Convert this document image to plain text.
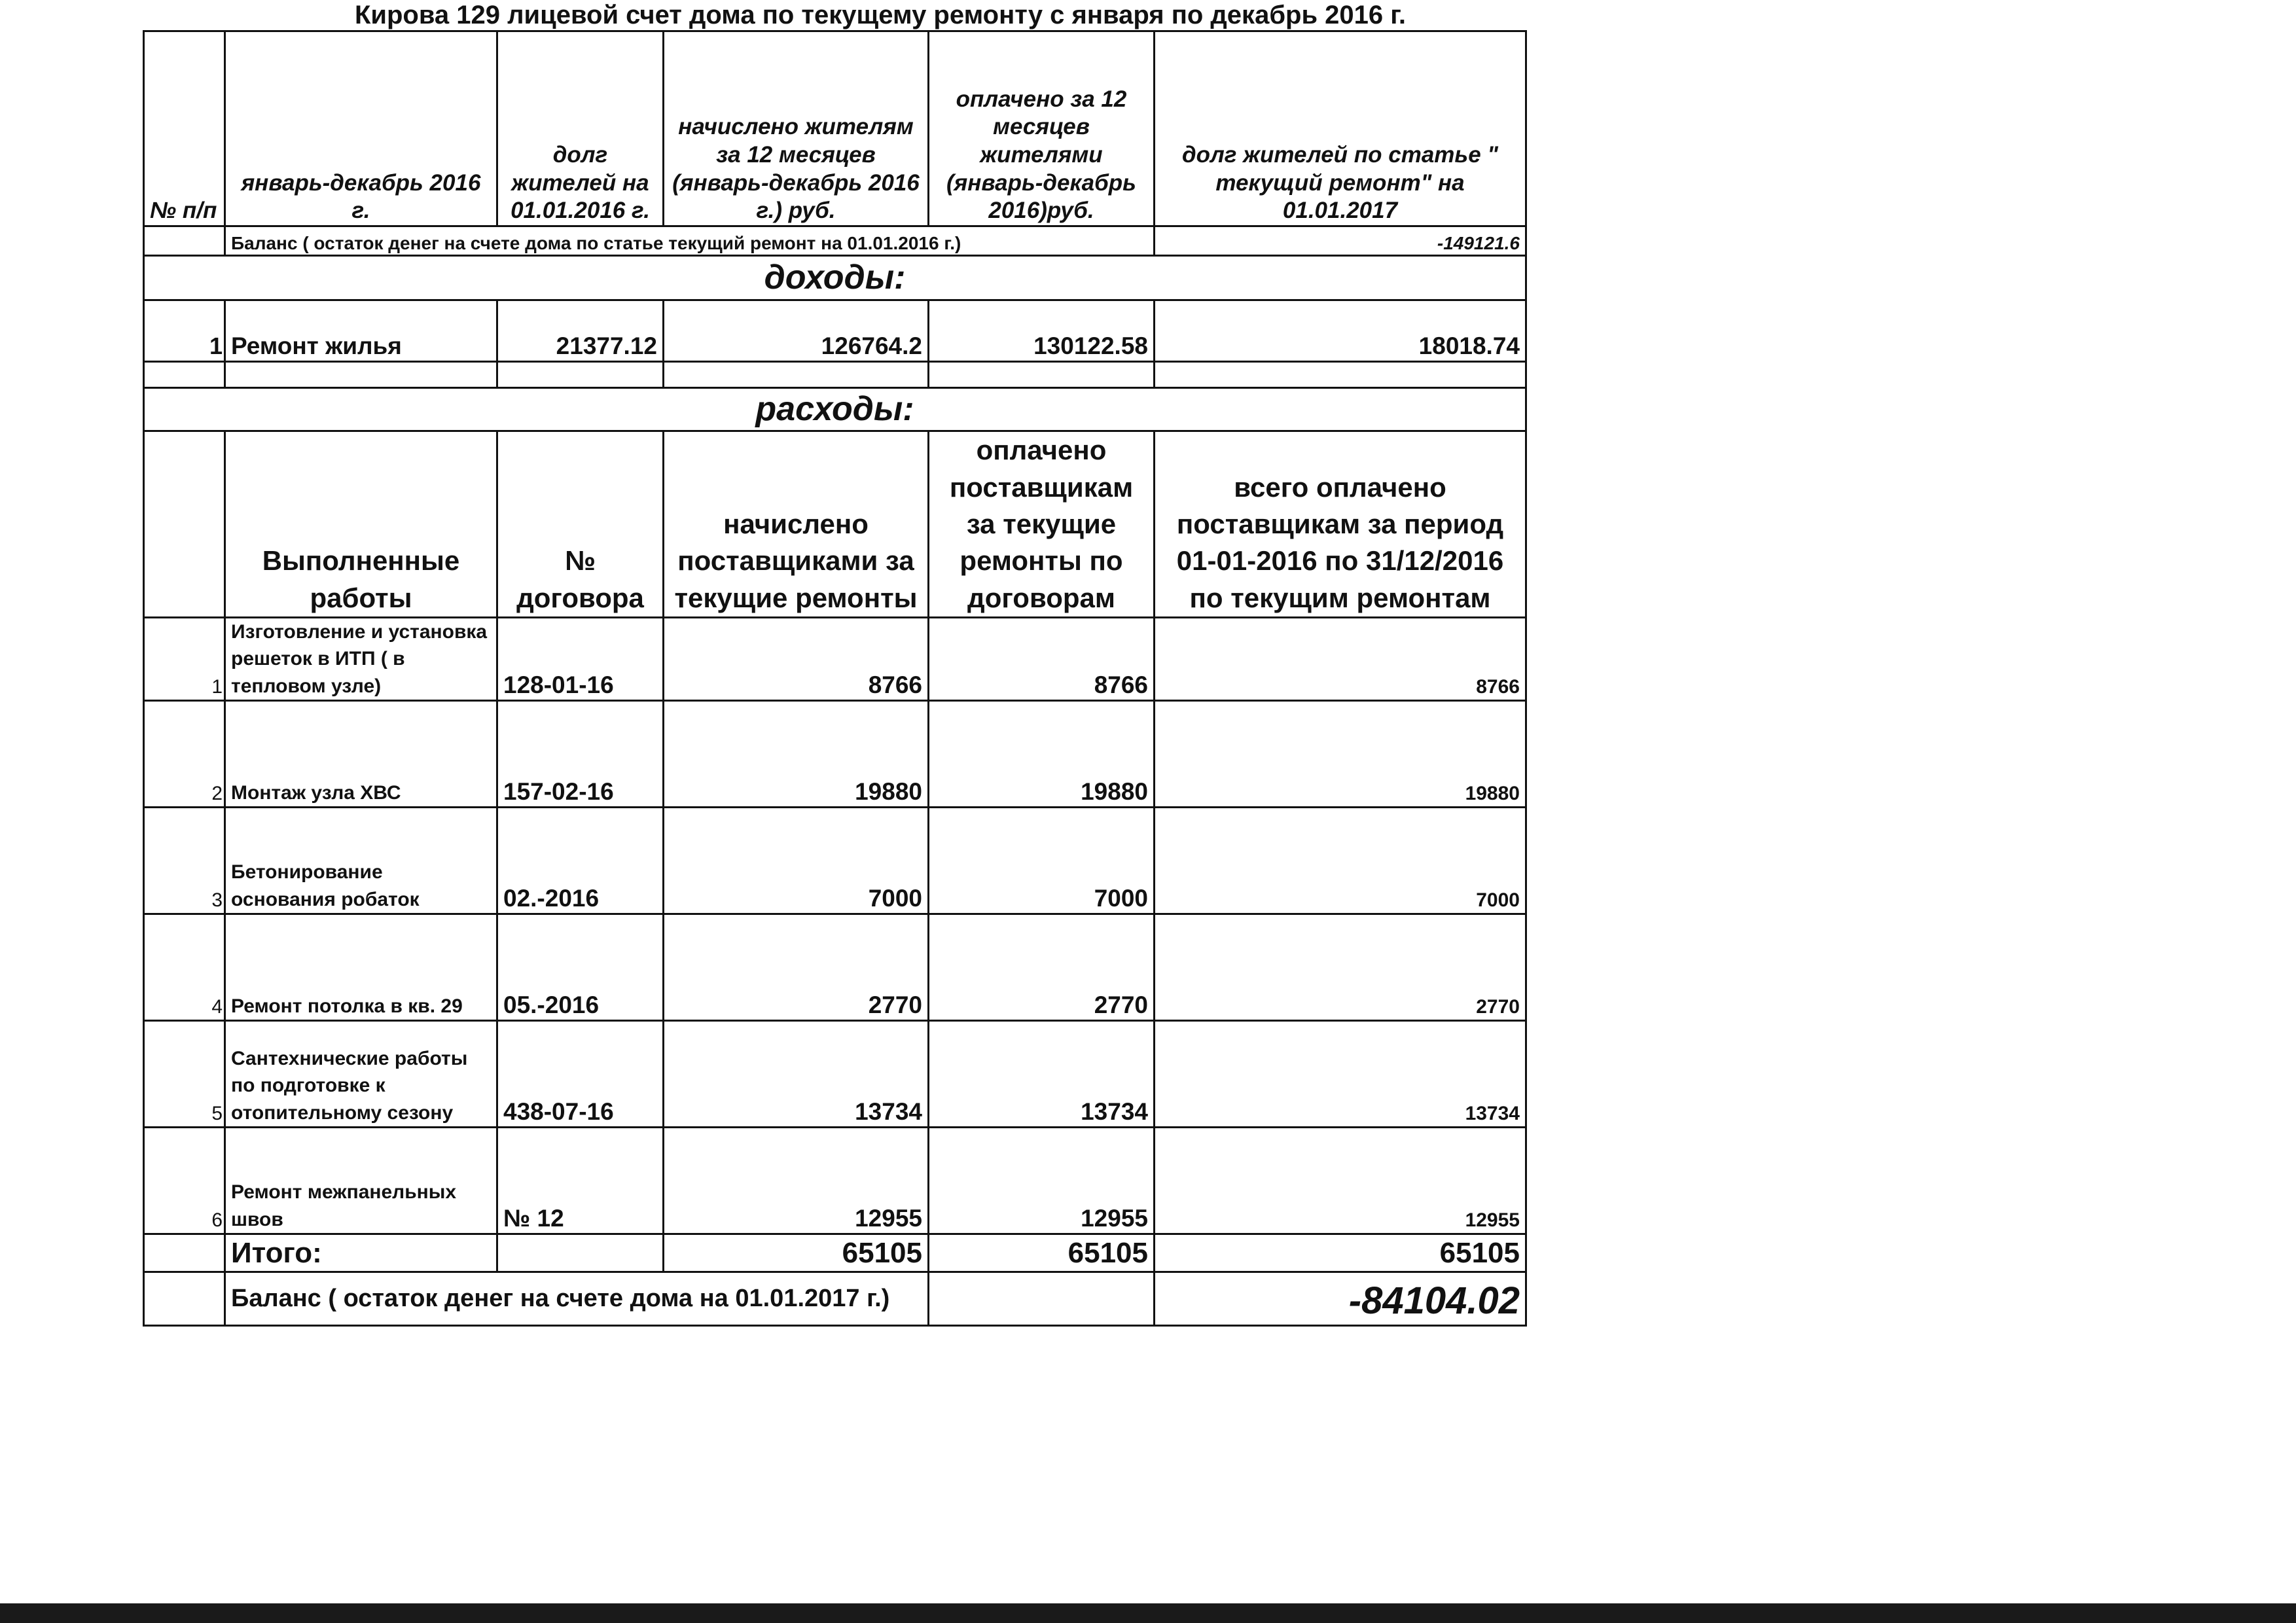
Кирова 129 лицевой счет дома по текущему ремонту с января по декабрь 2016 г.
№ п/п	январь-декабрь 2016 г.	долг жителей на 01.01.2016 г.	начислено жителям за 12 месяцев (январь-декабрь 2016 г.) руб.	оплачено за 12 месяцев жителями (январь-декабрь 2016)руб.	долг жителей по статье " текущий ремонт" на 01.01.2017
	Баланс ( остаток денег на счете дома по статье текущий ремонт на 01.01.2016 г.)				-149121.6
доходы:					
1	Ремонт жилья	21377.12	126764.2	130122.58	18018.74

расходы:					
	Выполненные работы	№ договора	начислено поставщиками за текущие ремонты	оплачено поставщикам за текущие ремонты по договорам	всего оплачено поставщикам за период 01-01-2016 по 31/12/2016 по текущим ремонтам
1	Изготовление и установка решеток в ИТП ( в тепловом узле)	128-01-16	8766	8766	8766
2	Монтаж узла ХВС	157-02-16	19880	19880	19880
3	Бетонирование основания робаток	02.-2016	7000	7000	7000
4	Ремонт потолка в кв. 29	05.-2016	2770	2770	2770
5	Сантехнические работы по подготовке к отопительному сезону	438-07-16	13734	13734	13734
6	Ремонт межпанельных швов	№ 12	12955	12955	12955
	Итого:		65105	65105	65105
	Баланс ( остаток денег на счете дома на 01.01.2017 г.)				-84104.02
